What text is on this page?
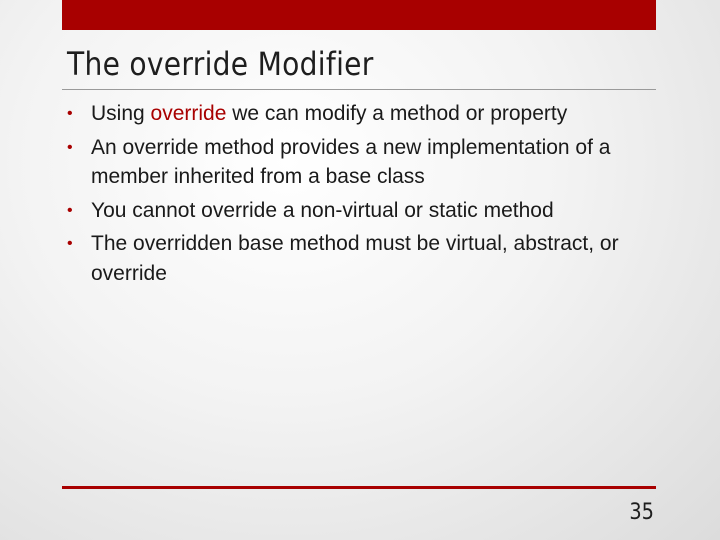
The override Modifier
• Using override we can modify a method or property
• An override method provides a new implementation of a member inherited from a base class
• You cannot override a non-virtual or static method
• The overridden base method must be virtual, abstract, or override
35
